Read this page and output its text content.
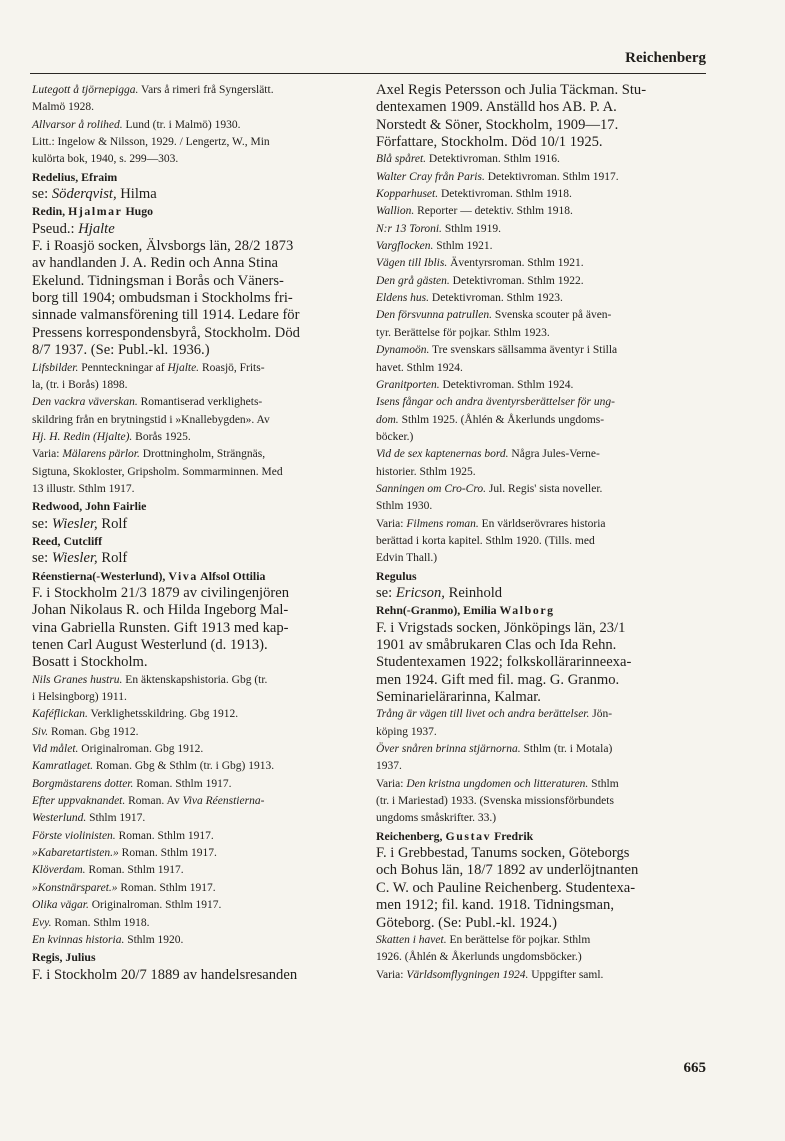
Reichenberg
Lutegott å tjörnepigga. Vars å rimeri frå Syngerslätt.
Malmö 1928.
Allvarsor å rolihed. Lund (tr. i Malmö) 1930.
Litt.: Ingelow & Nilsson, 1929. / Lengertz, W., Min
kulörta bok, 1940, s. 299—303.
Redelius, Efraim
se: Söderqvist, Hilma
Redin, Hjalmar Hugo
Pseud.: Hjalte
F. i Roasjö socken, Älvsborgs län, 28/2 1873
av handlanden J. A. Redin och Anna Stina
Ekelund. Tidningsman i Borås och Väners-
borg till 1904; ombudsman i Stockholms fri-
sinnade valmansförening till 1914. Ledare för
Pressens korrespondensbyrå, Stockholm. Död
8/7 1937. (Se: Publ.-kl. 1936.)
Lifsbilder. Pennteckningar af Hjalte. Roasjö, Frits-
la, (tr. i Borås) 1898.
Den vackra väverskan. Romantiserad verklighets-
skildring från en brytningstid i »Knallebygden». Av
Hj. H. Redin (Hjalte). Borås 1925.
Varia: Mälarens pärlor. Drottningholm, Strängnäs,
Sigtuna, Skokloster, Gripsholm. Sommarminnen. Med
13 illustr. Sthlm 1917.
Redwood, John Fairlie
se: Wiesler, Rolf
Reed, Cutcliff
se: Wiesler, Rolf
Réenstierna(-Westerlund), Viva Alfsol Ottilia
F. i Stockholm 21/3 1879 av civilingenjören
Johan Nikolaus R. och Hilda Ingeborg Mal-
vina Gabriella Runsten. Gift 1913 med kap-
tenen Carl August Westerlund (d. 1913).
Bosatt i Stockholm.
Nils Granes hustru. En äktenskapshistoria. Gbg (tr.
i Helsingborg) 1911.
Kaféflickan. Verklighetsskildring. Gbg 1912.
Siv. Roman. Gbg 1912.
Vid målet. Originalroman. Gbg 1912.
Kamratlaget. Roman. Gbg & Sthlm (tr. i Gbg) 1913.
Borgmästarens dotter. Roman. Sthlm 1917.
Efter uppvaknandet. Roman. Av Viva Réenstierna-
Westerlund. Sthlm 1917.
Förste violinisten. Roman. Sthlm 1917.
»Kabaretartisten.» Roman. Sthlm 1917.
Klöverdam. Roman. Sthlm 1917.
»Konstnärsparet.» Roman. Sthlm 1917.
Olika vägar. Originalroman. Sthlm 1917.
Evy. Roman. Sthlm 1918.
En kvinnas historia. Sthlm 1920.
Regis, Julius
F. i Stockholm 20/7 1889 av handelsresanden
Axel Regis Petersson och Julia Täckman. Stu-
dentexamen 1909. Anställd hos AB. P. A.
Norstedt & Söner, Stockholm, 1909—17.
Författare, Stockholm. Död 10/1 1925.
Blå spåret. Detektivroman. Sthlm 1916.
Walter Cray från Paris. Detektivroman. Sthlm 1917.
Kopparhuset. Detektivroman. Sthlm 1918.
Wallion. Reporter — detektiv. Sthlm 1918.
N:r 13 Toroni. Sthlm 1919.
Vargflocken. Sthlm 1921.
Vägen till Iblis. Äventyrsroman. Sthlm 1921.
Den grå gästen. Detektivroman. Sthlm 1922.
Eldens hus. Detektivroman. Sthlm 1923.
Den försvunna patrullen. Svenska scouter på även-
tyr. Berättelse för pojkar. Sthlm 1923.
Dynamoön. Tre svenskars sällsamma äventyr i Stilla
havet. Sthlm 1924.
Granitporten. Detektivroman. Sthlm 1924.
Isens fångar och andra äventyrsberättelser för ung-
dom. Sthlm 1925. (Åhlén & Åkerlunds ungdoms-
böcker.)
Vid de sex kaptenernas bord. Några Jules-Verne-
historier. Sthlm 1925.
Sanningen om Cro-Cro. Jul. Regis' sista noveller.
Sthlm 1930.
Varia: Filmens roman. En världserövrares historia
berättad i korta kapitel. Sthlm 1920. (Tills. med
Edvin Thall.)
Regulus
se: Ericson, Reinhold
Rehn(-Granmo), Emilia Walborg
F. i Vrigstads socken, Jönköpings län, 23/1
1901 av småbrukaren Clas och Ida Rehn.
Studentexamen 1922; folkskollärarinneexa-
men 1924. Gift med fil. mag. G. Granmo.
Seminarielärarinna, Kalmar.
Trång är vägen till livet och andra berättelser. Jön-
köping 1937.
Över snåren brinna stjärnorna. Sthlm (tr. i Motala)
1937.
Varia: Den kristna ungdomen och litteraturen. Sthlm
(tr. i Mariestad) 1933. (Svenska missionsförbundets
ungdoms småskrifter. 33.)
Reichenberg, Gustav Fredrik
F. i Grebbestad, Tanums socken, Göteborgs
och Bohus län, 18/7 1892 av underlöjtnanten
C. W. och Pauline Reichenberg. Studentexa-
men 1912; fil. kand. 1918. Tidningsman,
Göteborg. (Se: Publ.-kl. 1924.)
Skatten i havet. En berättelse för pojkar. Sthlm
1926. (Åhlén & Åkerlunds ungdomsböcker.)
Varia: Världsomflygningen 1924. Uppgifter saml.
665
